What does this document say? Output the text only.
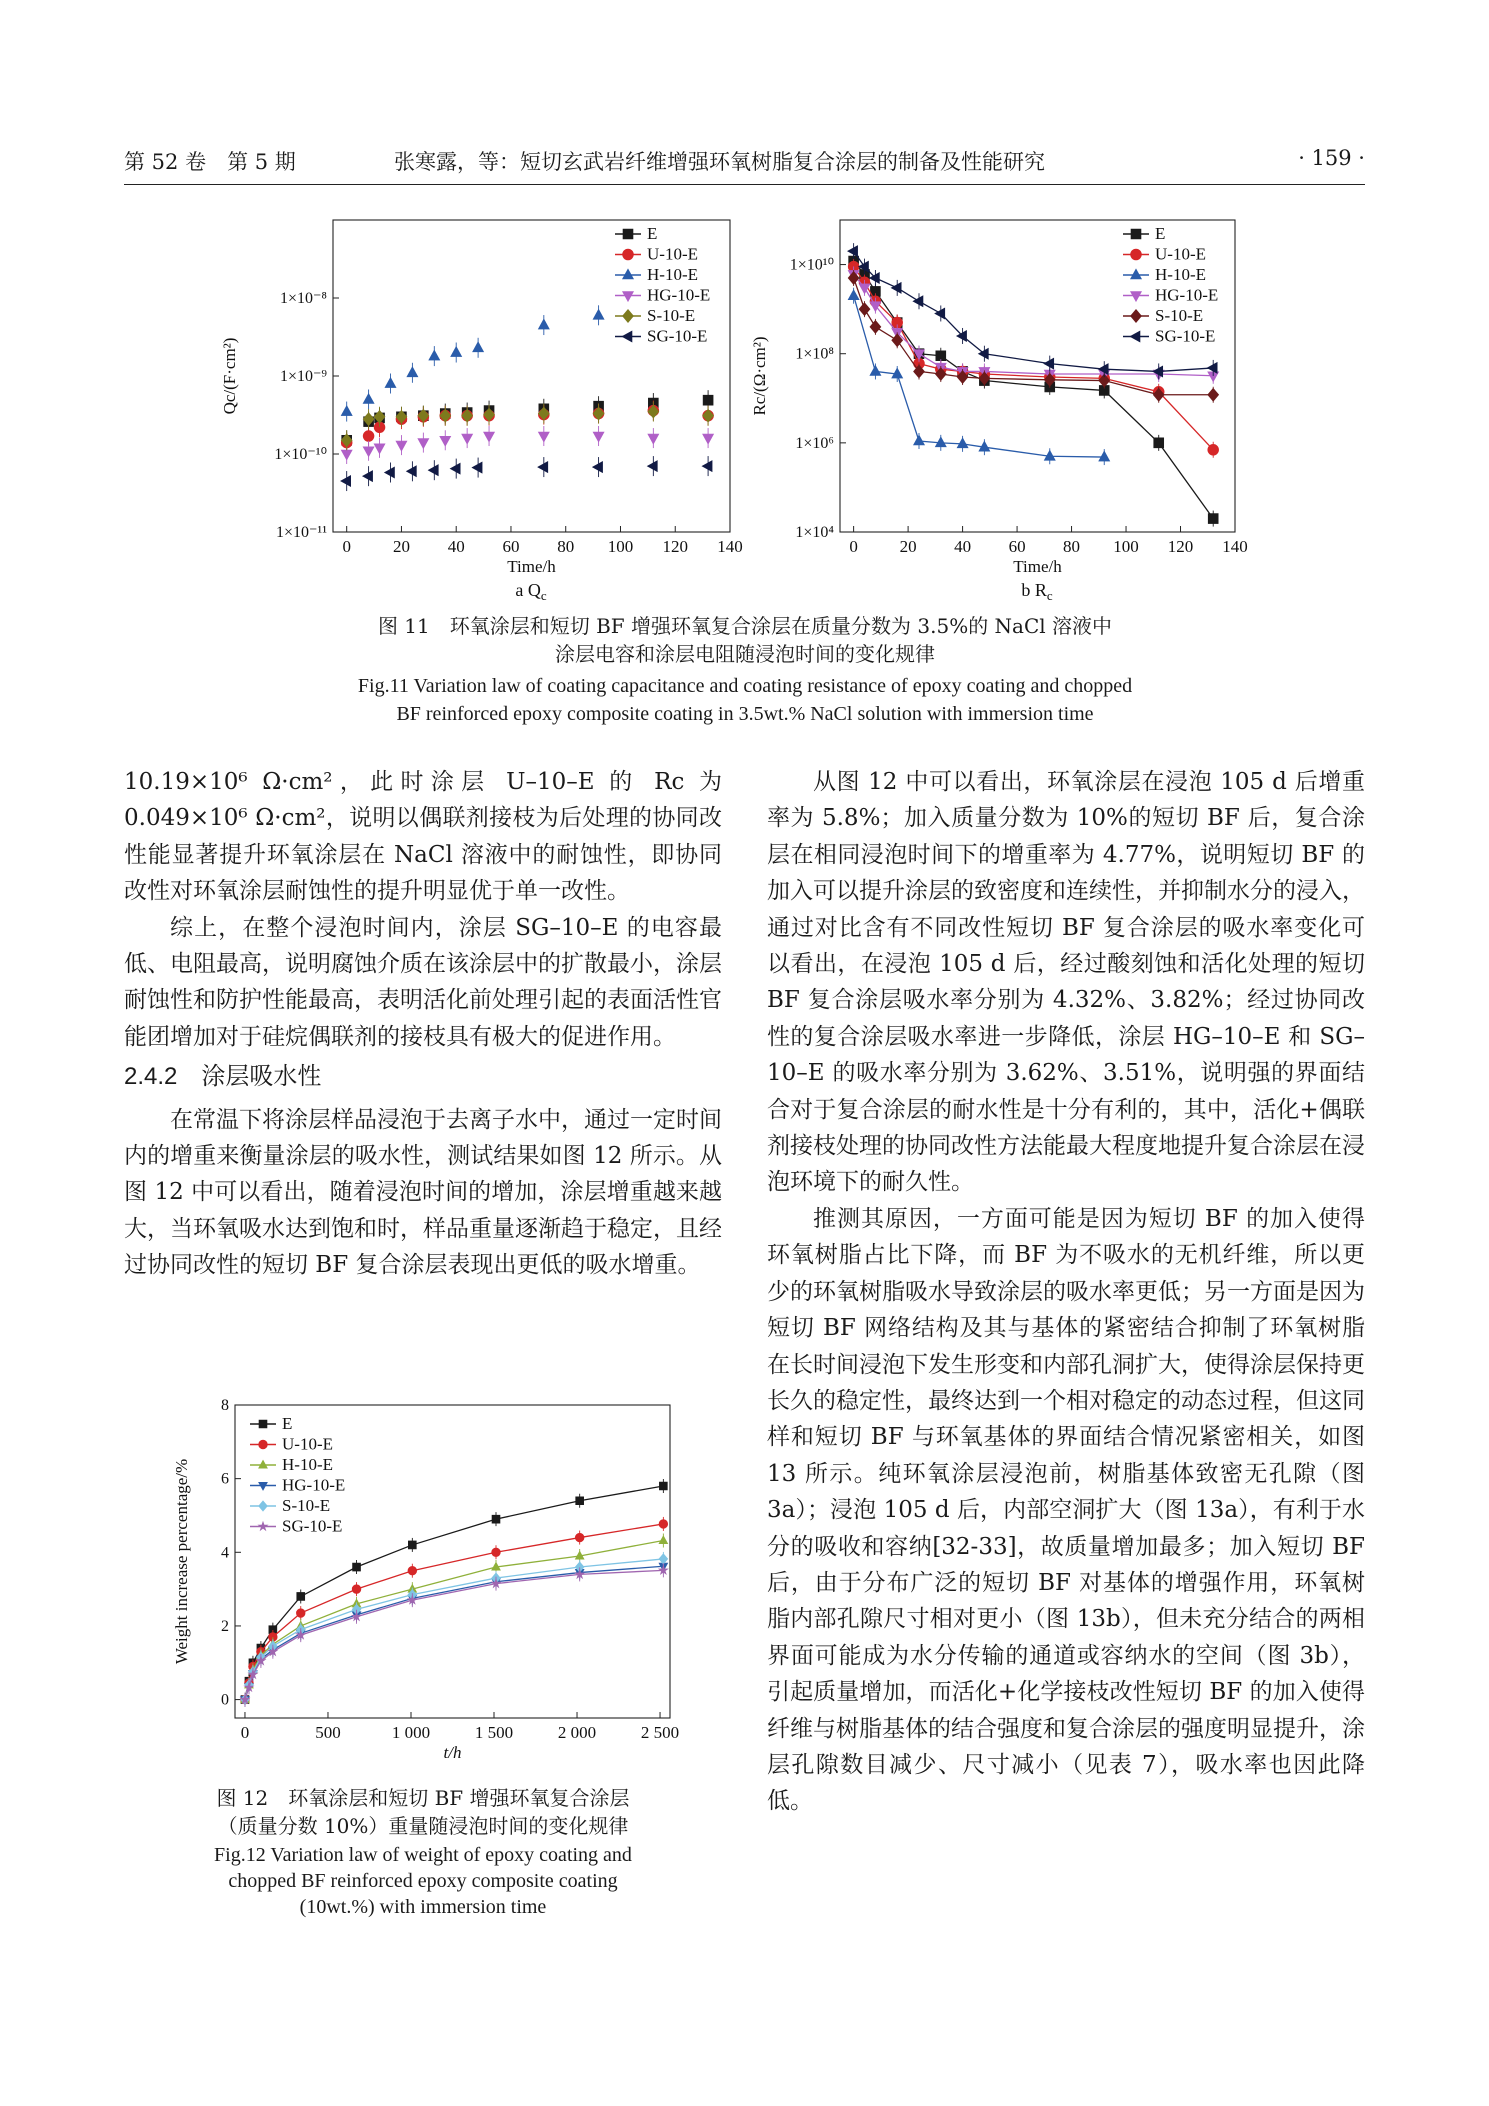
第 52 卷　第 5 期	张寒露，等：短切玄武岩纤维增强环氧树脂复合涂层的制备及性能研究	· 159 ·
0 20 40 60 80 100 120 140
1×10⁻¹¹
1×10⁻¹⁰
1×10⁻⁹
1×10⁻⁸
Time/h
Qc/(F·cm²)
E
U-10-E
H-10-E
HG-10-E
S-10-E
SG-10-E
a $Q_c$
0 20 40 60 80 100 120 140
1×10⁴
1×10⁶
1×10⁸
1×10¹⁰
Time/h
Rc/(Ω·cm²)
E
U-10-E
H-10-E
HG-10-E
S-10-E
SG-10-E
b $R_c$
图 11　环氧涂层和短切 BF 增强环氧复合涂层在质量分数为 3.5%的 NaCl 溶液中
涂层电容和涂层电阻随浸泡时间的变化规律
Fig.11 Variation law of coating capacitance and coating resistance of epoxy coating and chopped
BF reinforced epoxy composite coating in 3.5wt.% NaCl solution with immersion time

10.19×10⁶ Ω·cm²，此时涂层 U–10–E 的 Rc 为 0.049×10⁶ Ω·cm²，说明以偶联剂接枝为后处理的协同改性能显著提升环氧涂层在 NaCl 溶液中的耐蚀性，即协同改性对环氧涂层耐蚀性的提升明显优于单一改性。

综上，在整个浸泡时间内，涂层 SG–10–E 的电容最低、电阻最高，说明腐蚀介质在该涂层中的扩散最小，涂层耐蚀性和防护性能最高，表明活化前处理引起的表面活性官能团增加对于硅烷偶联剂的接枝具有极大的促进作用。

2.4.2　涂层吸水性

在常温下将涂层样品浸泡于去离子水中，通过一定时间内的增重来衡量涂层的吸水性，测试结果如图 12 所示。从图 12 中可以看出，随着浸泡时间的增加，涂层增重越来越大，当环氧吸水达到饱和时，样品重量逐渐趋于稳定，且经过协同改性的短切 BF 复合涂层表现出更低的吸水增重。

0	500	1 000	1 500	2 000	2 500
0
2
4
6
8
t/h
Weight increase percentage/%
E
U-10-E
H-10-E
HG-10-E
S-10-E
SG-10-E
图 12　环氧涂层和短切 BF 增强环氧复合涂层
（质量分数 10%）重量随浸泡时间的变化规律
Fig.12 Variation law of weight of epoxy coating and
chopped BF reinforced epoxy composite coating
(10wt.%) with immersion time

从图 12 中可以看出，环氧涂层在浸泡 105 d 后增重率为 5.8%；加入质量分数为 10%的短切 BF 后，复合涂层在相同浸泡时间下的增重率为 4.77%，说明短切 BF 的加入可以提升涂层的致密度和连续性，并抑制水分的浸入，通过对比含有不同改性短切 BF 复合涂层的吸水率变化可以看出，在浸泡 105 d 后，经过酸刻蚀和活化处理的短切 BF 复合涂层吸水率分别为 4.32%、3.82%；经过协同改性的复合涂层吸水率进一步降低，涂层 HG–10–E 和 SG–10–E 的吸水率分别为 3.62%、3.51%，说明强的界面结合对于复合涂层的耐水性是十分有利的，其中，活化+偶联剂接枝处理的协同改性方法能最大程度地提升复合涂层在浸泡环境下的耐久性。

推测其原因，一方面可能是因为短切 BF 的加入使得环氧树脂占比下降，而 BF 为不吸水的无机纤维，所以更少的环氧树脂吸水导致涂层的吸水率更低；另一方面是因为短切 BF 网络结构及其与基体的紧密结合抑制了环氧树脂在长时间浸泡下发生形变和内部孔洞扩大，使得涂层保持更长久的稳定性，最终达到一个相对稳定的动态过程，但这同样和短切 BF 与环氧基体的界面结合情况紧密相关，如图 13 所示。纯环氧涂层浸泡前，树脂基体致密无孔隙（图 3a）；浸泡 105 d 后，内部空洞扩大（图 13a），有利于水分的吸收和容纳[32-33]，故质量增加最多；加入短切 BF 后，由于分布广泛的短切 BF 对基体的增强作用，环氧树脂内部孔隙尺寸相对更小（图 13b），但未充分结合的两相界面可能成为水分传输的通道或容纳水的空间（图 3b），引起质量增加，而活化+化学接枝改性短切 BF 的加入使得纤维与树脂基体的结合强度和复合涂层的强度明显提升，涂层孔隙数目减少、尺寸减小（见表 7），吸水率也因此降低。
